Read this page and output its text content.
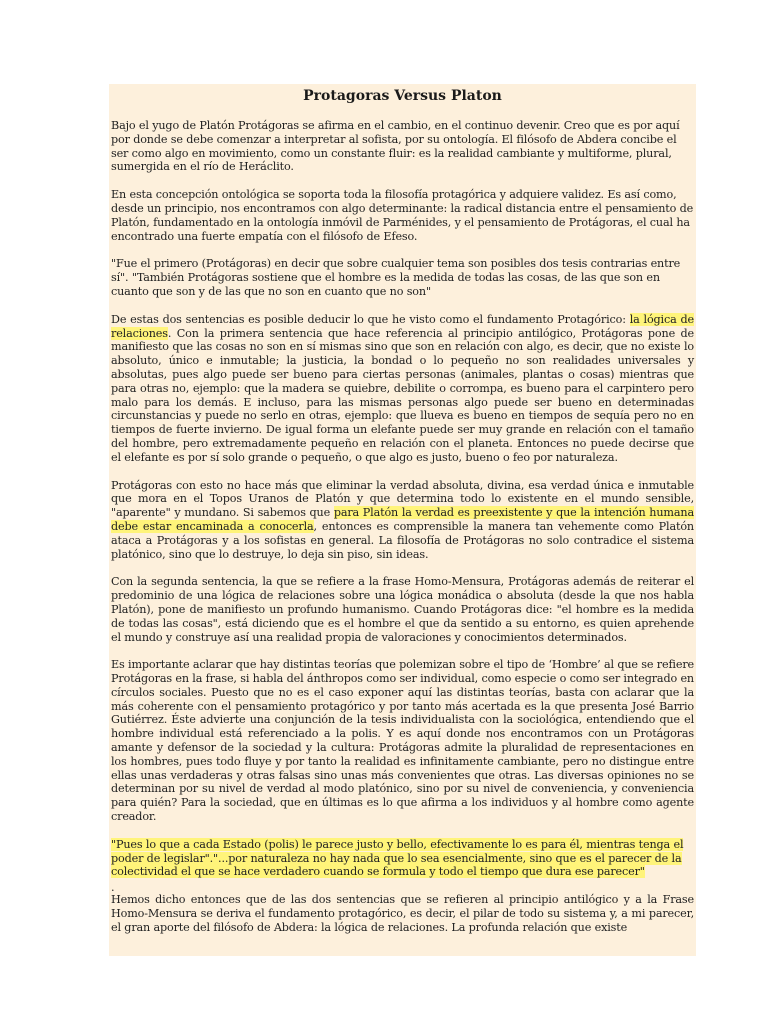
Protagoras Versus Platon

Bajo el yugo de Platón Protágoras se afirma en el cambio, en el continuo devenir. Creo que es por aquí por donde se debe comenzar a interpretar al sofista, por su ontología. El filósofo de Abdera concibe el ser como algo en movimiento, como un constante fluir: es la realidad cambiante y multiforme, plural, sumergida en el río de Heráclito.

En esta concepción ontológica se soporta toda la filosofía protagórica y adquiere validez. Es así como, desde un principio, nos encontramos con algo determinante: la radical distancia entre el pensamiento de Platón, fundamentado en la ontología inmóvil de Parménides, y el pensamiento de Protágoras, el cual ha encontrado una fuerte empatía con el filósofo de Efeso.

"Fue el primero (Protágoras) en decir que sobre cualquier tema son posibles dos tesis contrarias entre sí". "También Protágoras sostiene que el hombre es la medida de todas las cosas, de las que son en cuanto que son y de las que no son en cuanto que no son"

De estas dos sentencias es posible deducir lo que he visto como el fundamento Protagórico: la lógica de relaciones. Con la primera sentencia que hace referencia al principio antilógico, Protágoras pone de manifiesto que las cosas no son en sí mismas sino que son en relación con algo, es decir, que no existe lo absoluto, único e inmutable; la justicia, la bondad o lo pequeño no son realidades universales y absolutas, pues algo puede ser bueno para ciertas personas (animales, plantas o cosas) mientras que para otras no, ejemplo: que la madera se quiebre, debilite o corrompa, es bueno para el carpintero pero malo para los demás. E incluso, para las mismas personas algo puede ser bueno en determinadas circunstancias y puede no serlo en otras, ejemplo: que llueva es bueno en tiempos de sequía pero no en tiempos de fuerte invierno. De igual forma un elefante puede ser muy grande en relación con el tamaño del hombre, pero extremadamente pequeño en relación con el planeta. Entonces no puede decirse que el elefante es por sí solo grande o pequeño, o que algo es justo, bueno o feo por naturaleza.

Protágoras con esto no hace más que eliminar la verdad absoluta, divina, esa verdad única e inmutable que mora en el Topos Uranos de Platón y que determina todo lo existente en el mundo sensible, "aparente" y mundano. Si sabemos que para Platón la verdad es preexistente y que la intención humana debe estar encaminada a conocerla, entonces es comprensible la manera tan vehemente como Platón ataca a Protágoras y a los sofistas en general. La filosofía de Protágoras no solo contradice el sistema platónico, sino que lo destruye, lo deja sin piso, sin ideas.

Con la segunda sentencia, la que se refiere a la frase Homo-Mensura, Protágoras además de reiterar el predominio de una lógica de relaciones sobre una lógica monádica o absoluta (desde la que nos habla Platón), pone de manifiesto un profundo humanismo. Cuando Protágoras dice: "el hombre es la medida de todas las cosas", está diciendo que es el hombre el que da sentido a su entorno, es quien aprehende el mundo y construye así una realidad propia de valoraciones y conocimientos determinados.

Es importante aclarar que hay distintas teorías que polemizan sobre el tipo de ‘Hombre’ al que se refiere Protágoras en la frase, si habla del ánthropos como ser individual, como especie o como ser integrado en círculos sociales. Puesto que no es el caso exponer aquí las distintas teorías, basta con aclarar que la más coherente con el pensamiento protagórico y por tanto más acertada es la que presenta José Barrio Gutiérrez. Éste advierte una conjunción de la tesis individualista con la sociológica, entendiendo que el hombre individual está referenciado a la polis. Y es aquí donde nos encontramos con un Protágoras amante y defensor de la sociedad y la cultura: Protágoras admite la pluralidad de representaciones en los hombres, pues todo fluye y por tanto la realidad es infinitamente cambiante, pero no distingue entre ellas unas verdaderas y otras falsas sino unas más convenientes que otras. Las diversas opiniones no se determinan por su nivel de verdad al modo platónico, sino por su nivel de conveniencia, y conveniencia para quién? Para la sociedad, que en últimas es lo que afirma a los individuos y al hombre como agente creador.

"Pues lo que a cada Estado (polis) le parece justo y bello, efectivamente lo es para él, mientras tenga el poder de legislar"."...por naturaleza no hay nada que lo sea esencialmente, sino que es el parecer de la colectividad el que se hace verdadero cuando se formula y todo el tiempo que dura ese parecer"

.

Hemos dicho entonces que de las dos sentencias que se refieren al principio antilógico y a la Frase Homo-Mensura se deriva el fundamento protagórico, es decir, el pilar de todo su sistema y, a mi parecer, el gran aporte del filósofo de Abdera: la lógica de relaciones. La profunda relación que existe
